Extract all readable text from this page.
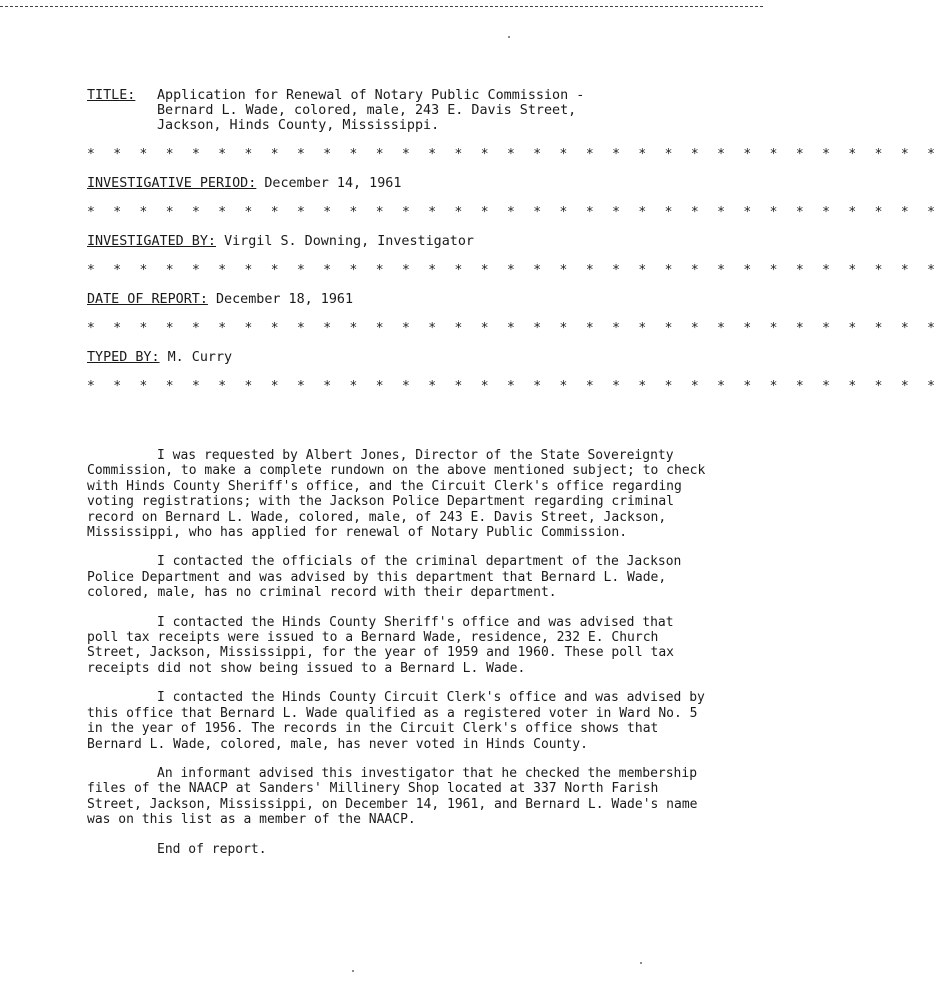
TITLE:	Application for Renewal of Notary Public Commission -
Bernard L. Wade, colored, male, 243 E. Davis Street,
Jackson, Hinds County, Mississippi.
* * * * * * * * * * * * * * * * * * * * * * * * * * * * * * * * *
INVESTIGATIVE PERIOD: December 14, 1961
* * * * * * * * * * * * * * * * * * * * * * * * * * * * * * * * *
INVESTIGATED BY: Virgil S. Downing, Investigator
* * * * * * * * * * * * * * * * * * * * * * * * * * * * * * * * *
DATE OF REPORT: December 18, 1961
* * * * * * * * * * * * * * * * * * * * * * * * * * * * * * * * *
TYPED BY: M. Curry
* * * * * * * * * * * * * * * * * * * * * * * * * * * * * * * * *

I was requested by Albert Jones, Director of the State Sovereignty Commission, to make a complete rundown on the above mentioned subject; to check with Hinds County Sheriff's office, and the Circuit Clerk's office regarding voting registrations; with the Jackson Police Department regarding criminal record on Bernard L. Wade, colored, male, of 243 E. Davis Street, Jackson, Mississippi, who has applied for renewal of Notary Public Commission.

I contacted the officials of the criminal department of the Jackson Police Department and was advised by this department that Bernard L. Wade, colored, male, has no criminal record with their department.

I contacted the Hinds County Sheriff's office and was advised that poll tax receipts were issued to a Bernard Wade, residence, 232 E. Church Street, Jackson, Mississippi, for the year of 1959 and 1960. These poll tax receipts did not show being issued to a Bernard L. Wade.

I contacted the Hinds County Circuit Clerk's office and was advised by this office that Bernard L. Wade qualified as a registered voter in Ward No. 5 in the year of 1956. The records in the Circuit Clerk's office shows that Bernard L. Wade, colored, male, has never voted in Hinds County.

An informant advised this investigator that he checked the membership files of the NAACP at Sanders' Millinery Shop located at 337 North Farish Street, Jackson, Mississippi, on December 14, 1961, and Bernard L. Wade's name was on this list as a member of the NAACP.

End of report.
